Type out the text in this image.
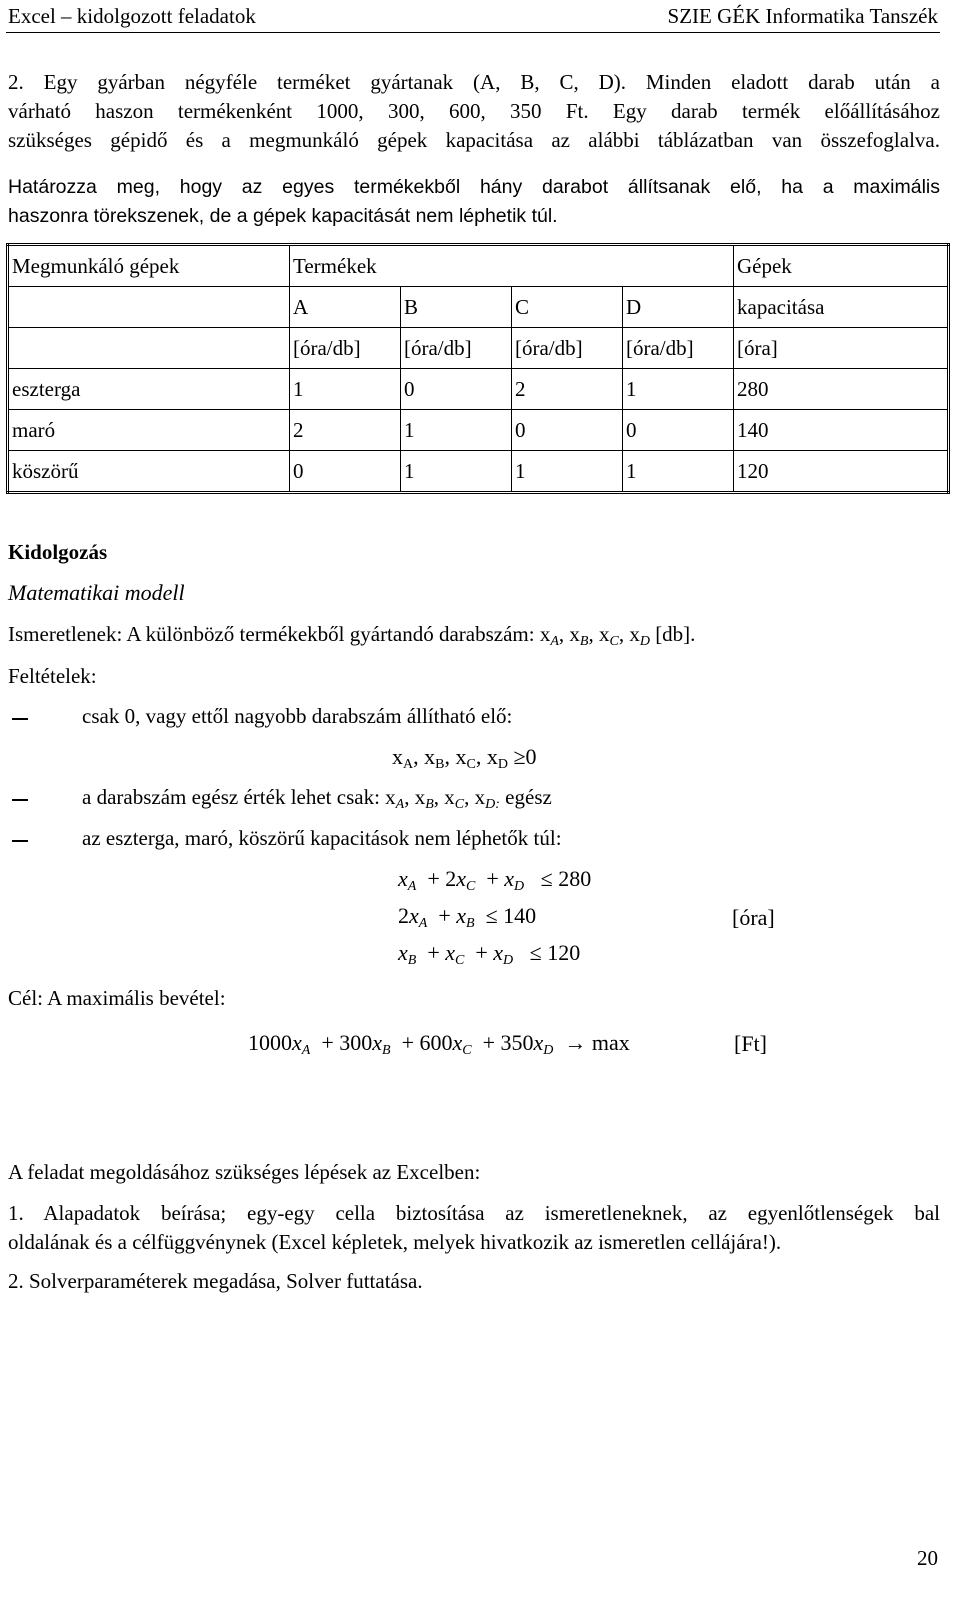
Excel – kidolgozott feladatok	SZIE GÉK Informatika Tanszék
2. Egy gyárban négyféle terméket gyártanak (A, B, C, D). Minden eladott darab után a
várható haszon termékenként 1000, 300, 600, 350 Ft. Egy darab termék előállításához
szükséges gépidő és a megmunkáló gépek kapacitása az alábbi táblázatban van összefoglalva.
Határozza meg, hogy az egyes termékekből hány darabot állítsanak elő, ha a maximális
haszonra törekszenek, de a gépek kapacitását nem léphetik túl.
Megmunkáló gépek	Termékek				Gépek
	A	B	C	D	kapacitása
	[óra/db]	[óra/db]	[óra/db]	[óra/db]	[óra]
eszterga	1	0	2	1	280
maró	2	1	0	0	140
köszörű	0	1	1	1	120
Kidolgozás
Matematikai modell
Ismeretlenek: A különböző termékekből gyártandó darabszám: $x_A$, $x_B$, $x_C$, $x_D$ [db].
Feltételek:
csak 0, vagy ettől nagyobb darabszám állítható elő:
$x_A$, $x_B$, $x_C$, $x_D \ge 0$
a darabszám egész érték lehet csak: $x_A$, $x_B$, $x_C$, $x_{D:}$ egész
az eszterga, maró, köszörű kapacitások nem léphetők túl:
$x_A + 2x_C + x_D \le 280$
$2x_A + x_B \le 140$	[óra]
$x_B + x_C + x_D \le 120$
Cél: A maximális bevétel:
$1000x_A + 300x_B + 600x_C + 350x_D \to \max$	[Ft]
A feladat megoldásához szükséges lépések az Excelben:
1. Alapadatok beírása; egy-egy cella biztosítása az ismeretleneknek, az egyenlőtlenségek bal
oldalának és a célfüggvénynek (Excel képletek, melyek hivatkozik az ismeretlen cellájára!).
2. Solverparaméterek megadása, Solver futtatása.
20
